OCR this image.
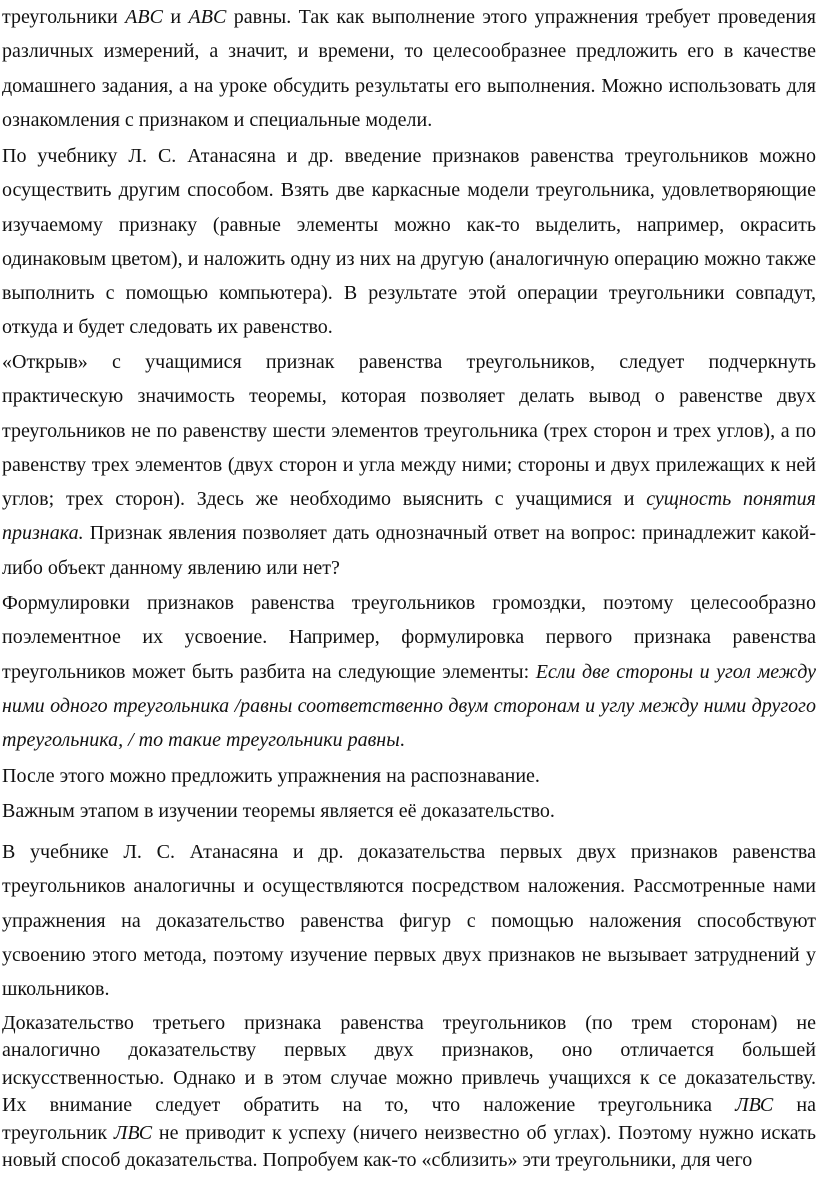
треугольники ABC и ABC равны. Так как выполнение этого упражнения требует проведения
различных измерений, а значит, и времени, то целесообразнее предложить его в качестве
домашнего задания, а на уроке обсудить результаты его выполнения. Можно использовать для
ознакомления с признаком и специальные модели.
По учебнику Л. С. Атанасяна и др. введение признаков равенства треугольников можно
осуществить другим способом. Взять две каркасные модели треугольника, удовлетворяющие
изучаемому признаку (равные элементы можно как-то выделить, например, окрасить
одинаковым цветом), и наложить одну из них на другую (аналогичную операцию можно также
выполнить с помощью компьютера). В результате этой операции треугольники совпадут,
откуда и будет следовать их равенство.
«Открыв» с учащимися признак равенства треугольников, следует подчеркнуть
практическую значимость теоремы, которая позволяет делать вывод о равенстве двух
треугольников не по равенству шести элементов треугольника (трех сторон и трех углов), а по
равенству трех элементов (двух сторон и угла между ними; стороны и двух прилежащих к ней
углов; трех сторон). Здесь же необходимо выяснить с учащимися и сущность понятия
признака. Признак явления позволяет дать однозначный ответ на вопрос: принадлежит какой-
либо объект данному явлению или нет?
Формулировки признаков равенства треугольников громоздки, поэтому целесообразно
поэлементное их усвоение. Например, формулировка первого признака равенства
треугольников может быть разбита на следующие элементы: Если две стороны и угол между
ними одного треугольника /равны соответственно двум сторонам и углу между ними другого
треугольника, / то такие треугольники равны.
После этого можно предложить упражнения на распознавание.
Важным этапом в изучении теоремы является её доказательство.
В учебнике Л. С. Атанасяна и др. доказательства первых двух признаков равенства
треугольников аналогичны и осуществляются посредством наложения. Рассмотренные нами
упражнения на доказательство равенства фигур с помощью наложения способствуют
усвоению этого метода, поэтому изучение первых двух признаков не вызывает затруднений у
школьников.
Доказательство третьего признака равенства треугольников (по трем сторонам) не
аналогично доказательству первых двух признаков, оно отличается большей
искусственностью. Однако и в этом случае можно привлечь учащихся к се доказательству.
Их внимание следует обратить на то, что наложение треугольника ЛВС на
треугольник ЛВС не приводит к успеху (ничего неизвестно об углах). Поэтому нужно искать
новый способ доказательства. Попробуем как-то «сблизить» эти треугольники, для чего
